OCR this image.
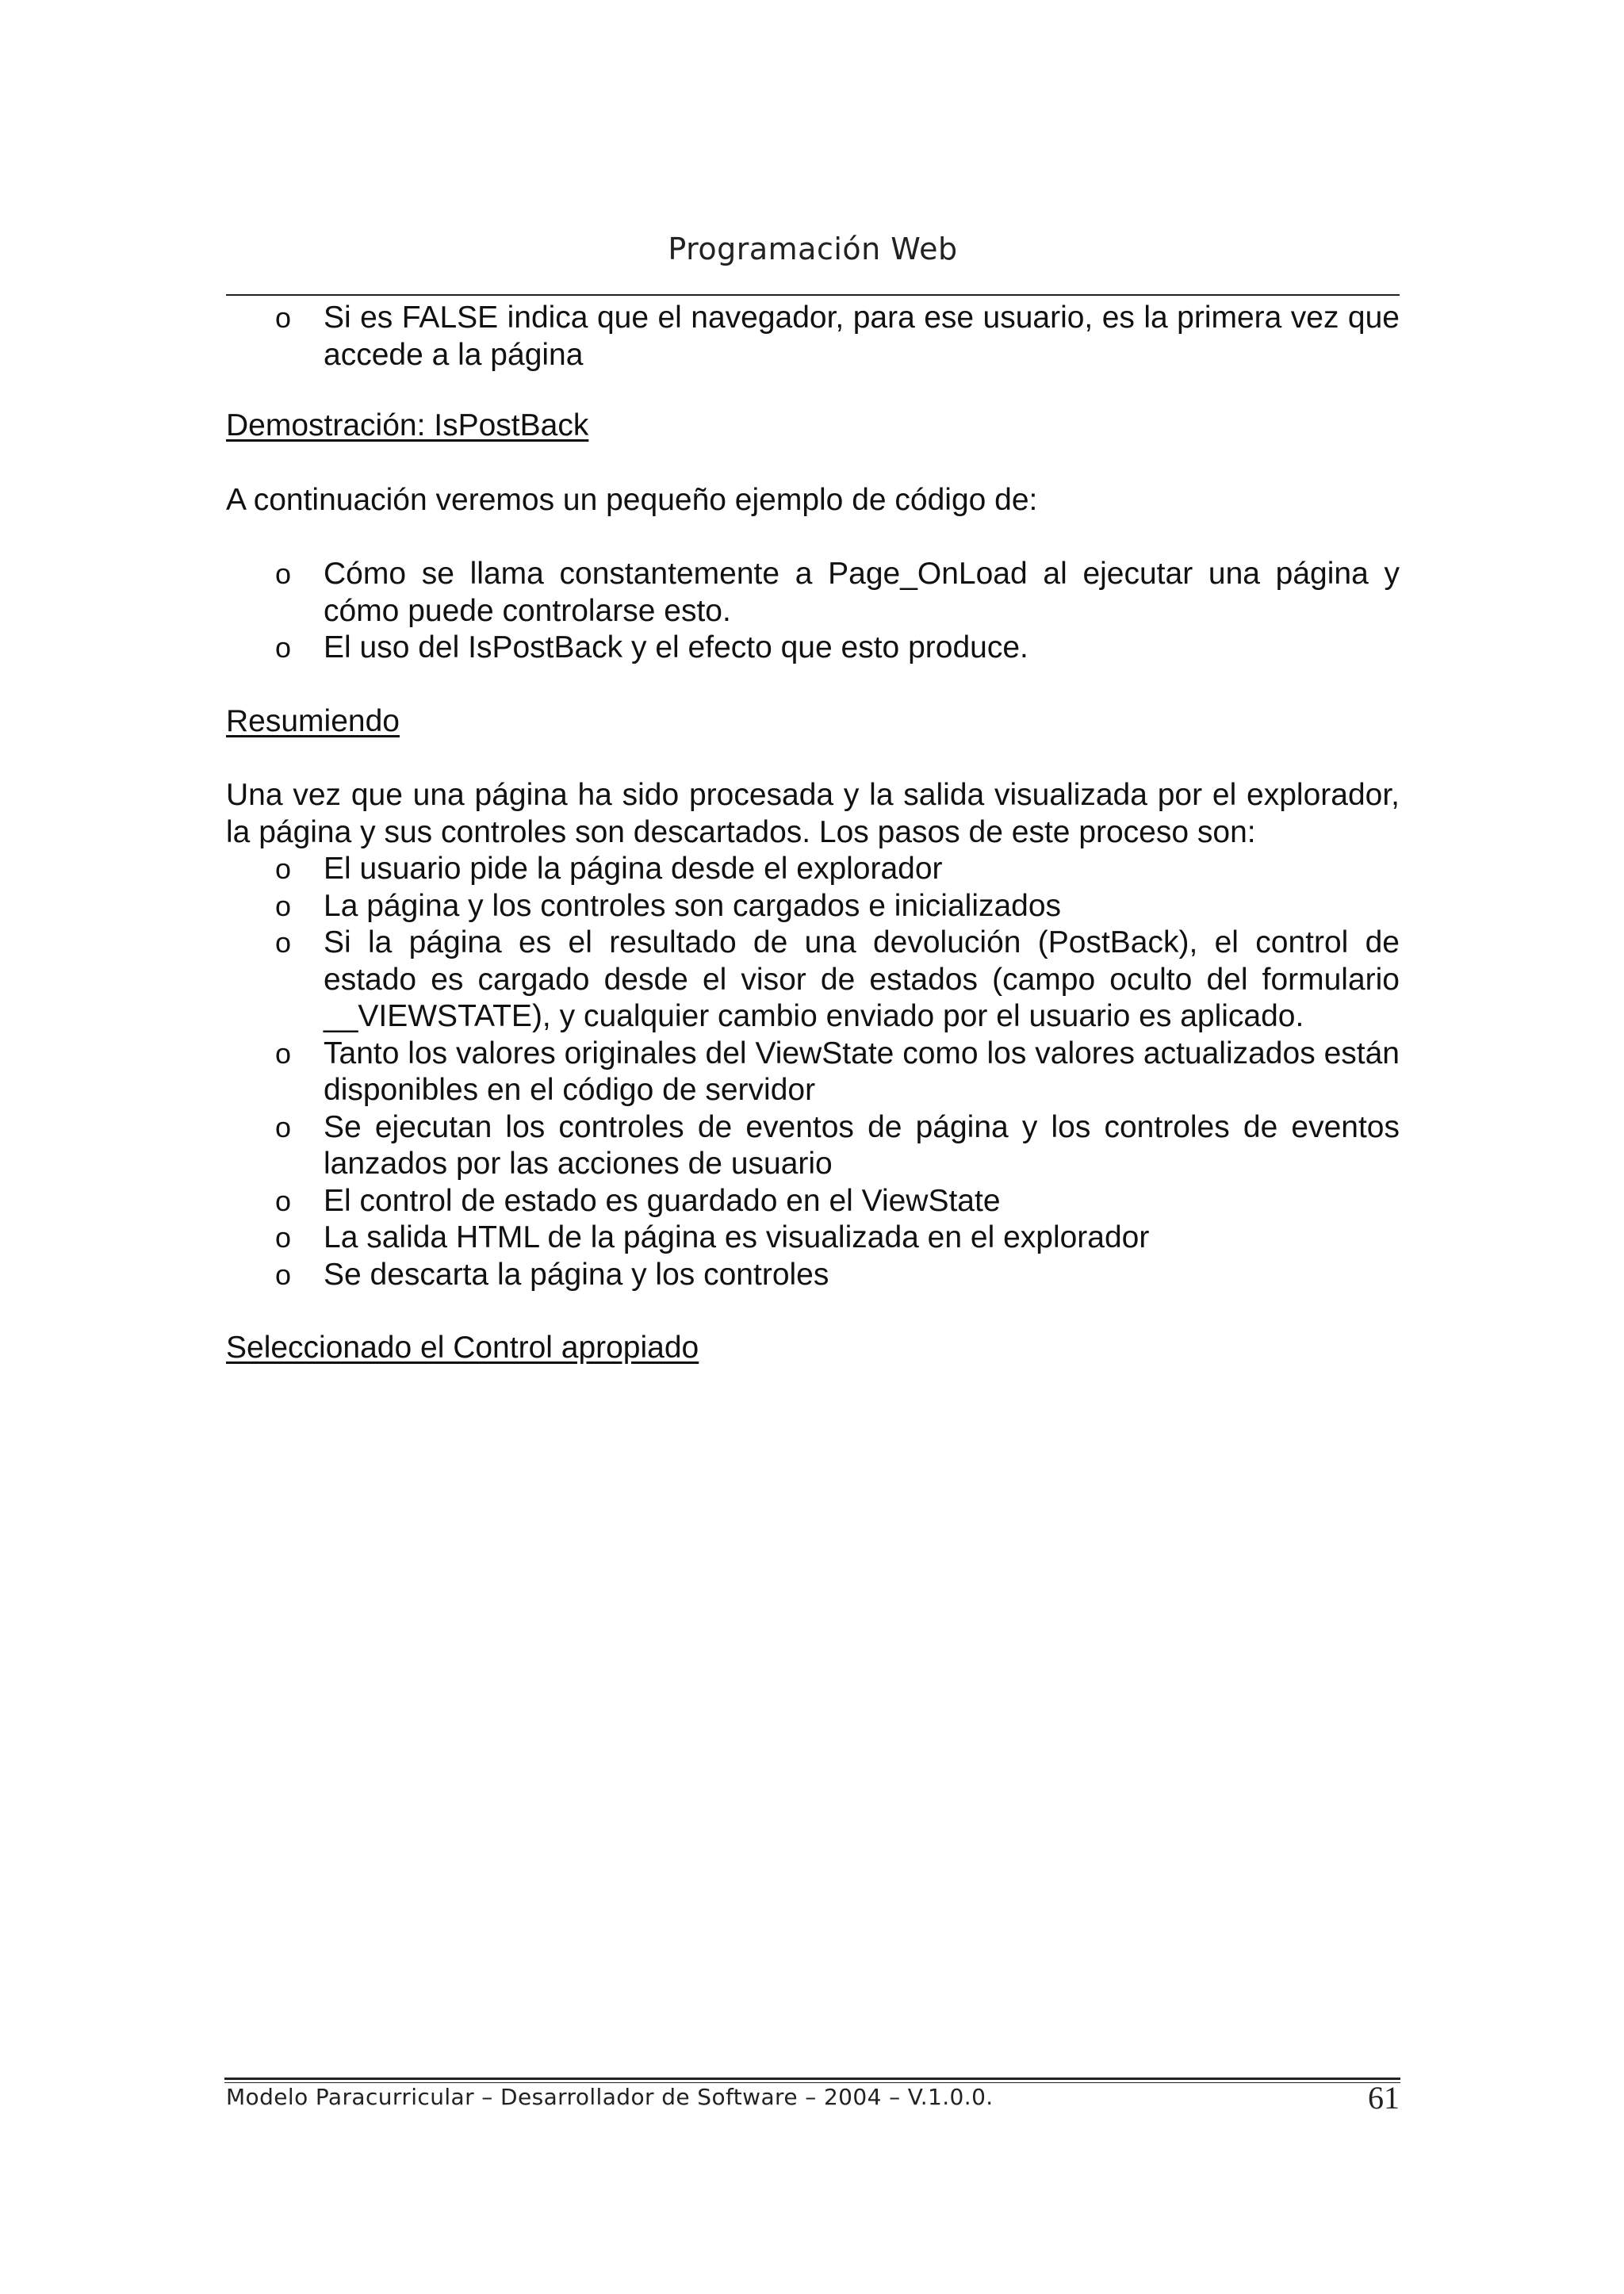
Programación Web
o Si es FALSE indica que el navegador, para ese usuario, es la primera vez que accede a la página

Demostración: IsPostBack

A continuación veremos un pequeño ejemplo de código de:

o Cómo se llama constantemente a Page_OnLoad al ejecutar una página y cómo puede controlarse esto.
o El uso del IsPostBack y el efecto que esto produce.

Resumiendo

Una vez que una página ha sido procesada y la salida visualizada por el explorador, la página y sus controles son descartados. Los pasos de este proceso son:

o El usuario pide la página desde el explorador
o La página y los controles son cargados e inicializados
o Si la página es el resultado de una devolución (PostBack), el control de estado es cargado desde el visor de estados (campo oculto del formulario __VIEWSTATE), y cualquier cambio enviado por el usuario es aplicado.
o Tanto los valores originales del ViewState como los valores actualizados están disponibles en el código de servidor
o Se ejecutan los controles de eventos de página y los controles de eventos lanzados por las acciones de usuario
o El control de estado es guardado en el ViewState
o La salida HTML de la página es visualizada en el explorador
o Se descarta la página y los controles

Seleccionado el Control apropiado

Modelo Paracurricular – Desarrollador de Software – 2004 – V.1.0.0.	61
